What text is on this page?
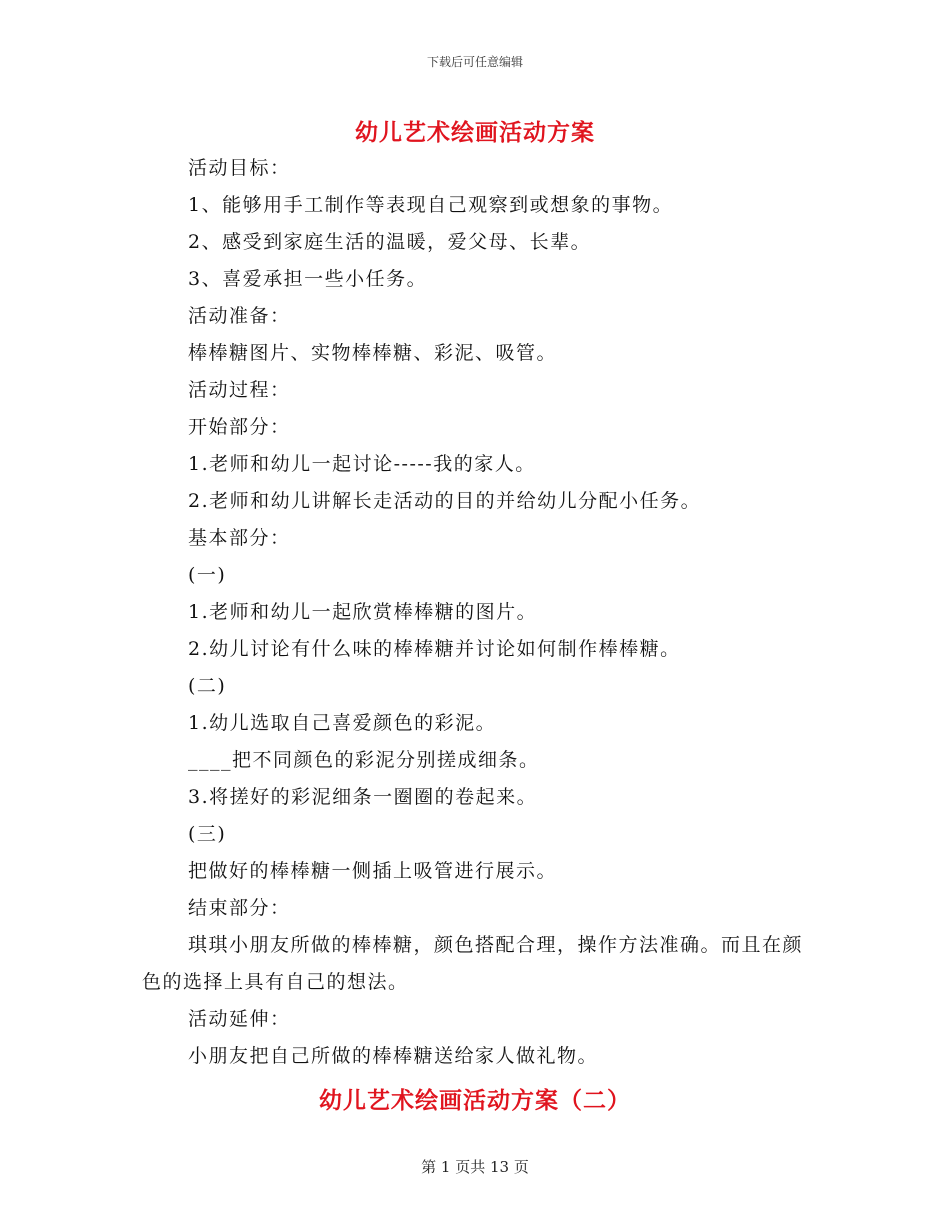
下载后可任意编辑
幼儿艺术绘画活动方案
活动目标：
1、能够用手工制作等表现自己观察到或想象的事物。
2、感受到家庭生活的温暖，爱父母、长辈。
3、喜爱承担一些小任务。
活动准备：
棒棒糖图片、实物棒棒糖、彩泥、吸管。
活动过程：
开始部分：
1.老师和幼儿一起讨论-----我的家人。
2.老师和幼儿讲解长走活动的目的并给幼儿分配小任务。
基本部分：
(一)
1.老师和幼儿一起欣赏棒棒糖的图片。
2.幼儿讨论有什么味的棒棒糖并讨论如何制作棒棒糖。
(二)
1.幼儿选取自己喜爱颜色的彩泥。
____把不同颜色的彩泥分别搓成细条。
3.将搓好的彩泥细条一圈圈的卷起来。
(三)
把做好的棒棒糖一侧插上吸管进行展示。
结束部分：
琪琪小朋友所做的棒棒糖，颜色搭配合理，操作方法准确。而且在颜色的选择上具有自己的想法。
活动延伸：
小朋友把自己所做的棒棒糖送给家人做礼物。
幼儿艺术绘画活动方案（二）
第 1 页共 13 页
